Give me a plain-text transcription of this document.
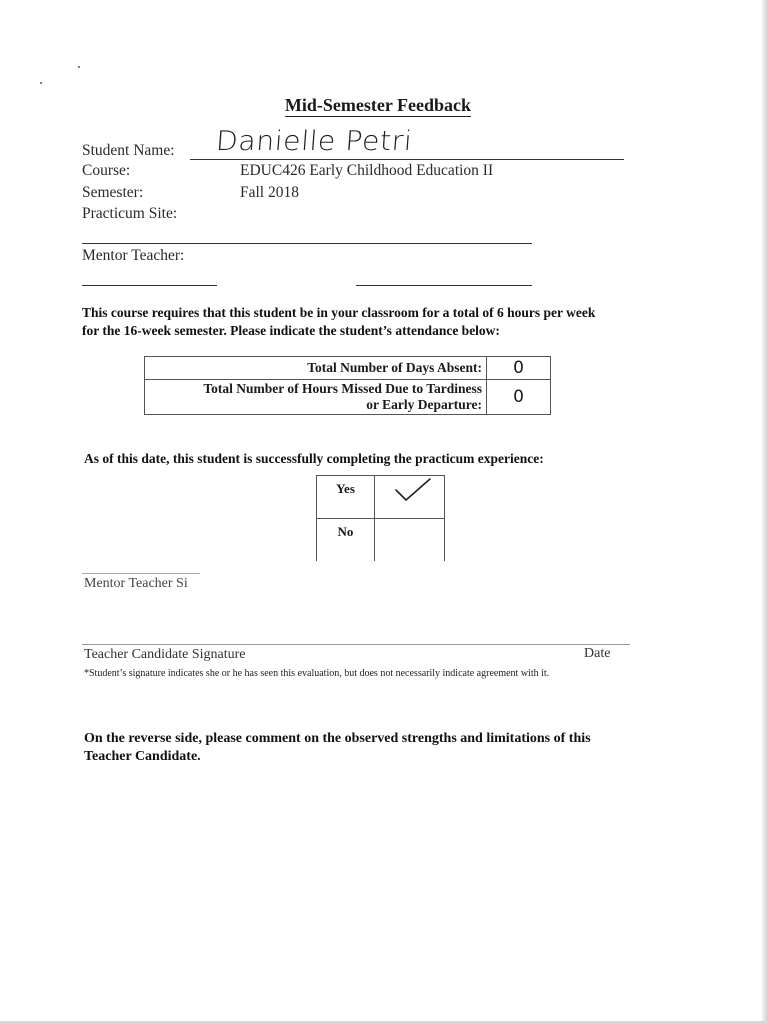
Mid-Semester Feedback
Student Name: Danielle Petri
Course:	EDUC426 Early Childhood Education II
Semester:	Fall 2018
Practicum Site:
Mentor Teacher:
This course requires that this student be in your classroom for a total of 6 hours per week
for the 16-week semester. Please indicate the student’s attendance below:
Total Number of Days Absent:	0

Total Number of Hours Missed Due to Tardiness
or Early Departure:	0
As of this date, this student is successfully completing the practicum experience:
Yes	
No	
Mentor Teacher Si
Teacher Candidate Signature	Date
*Student’s signature indicates she or he has seen this evaluation, but does not necessarily indicate agreement with it.
On the reverse side, please comment on the observed strengths and limitations of this
Teacher Candidate.
